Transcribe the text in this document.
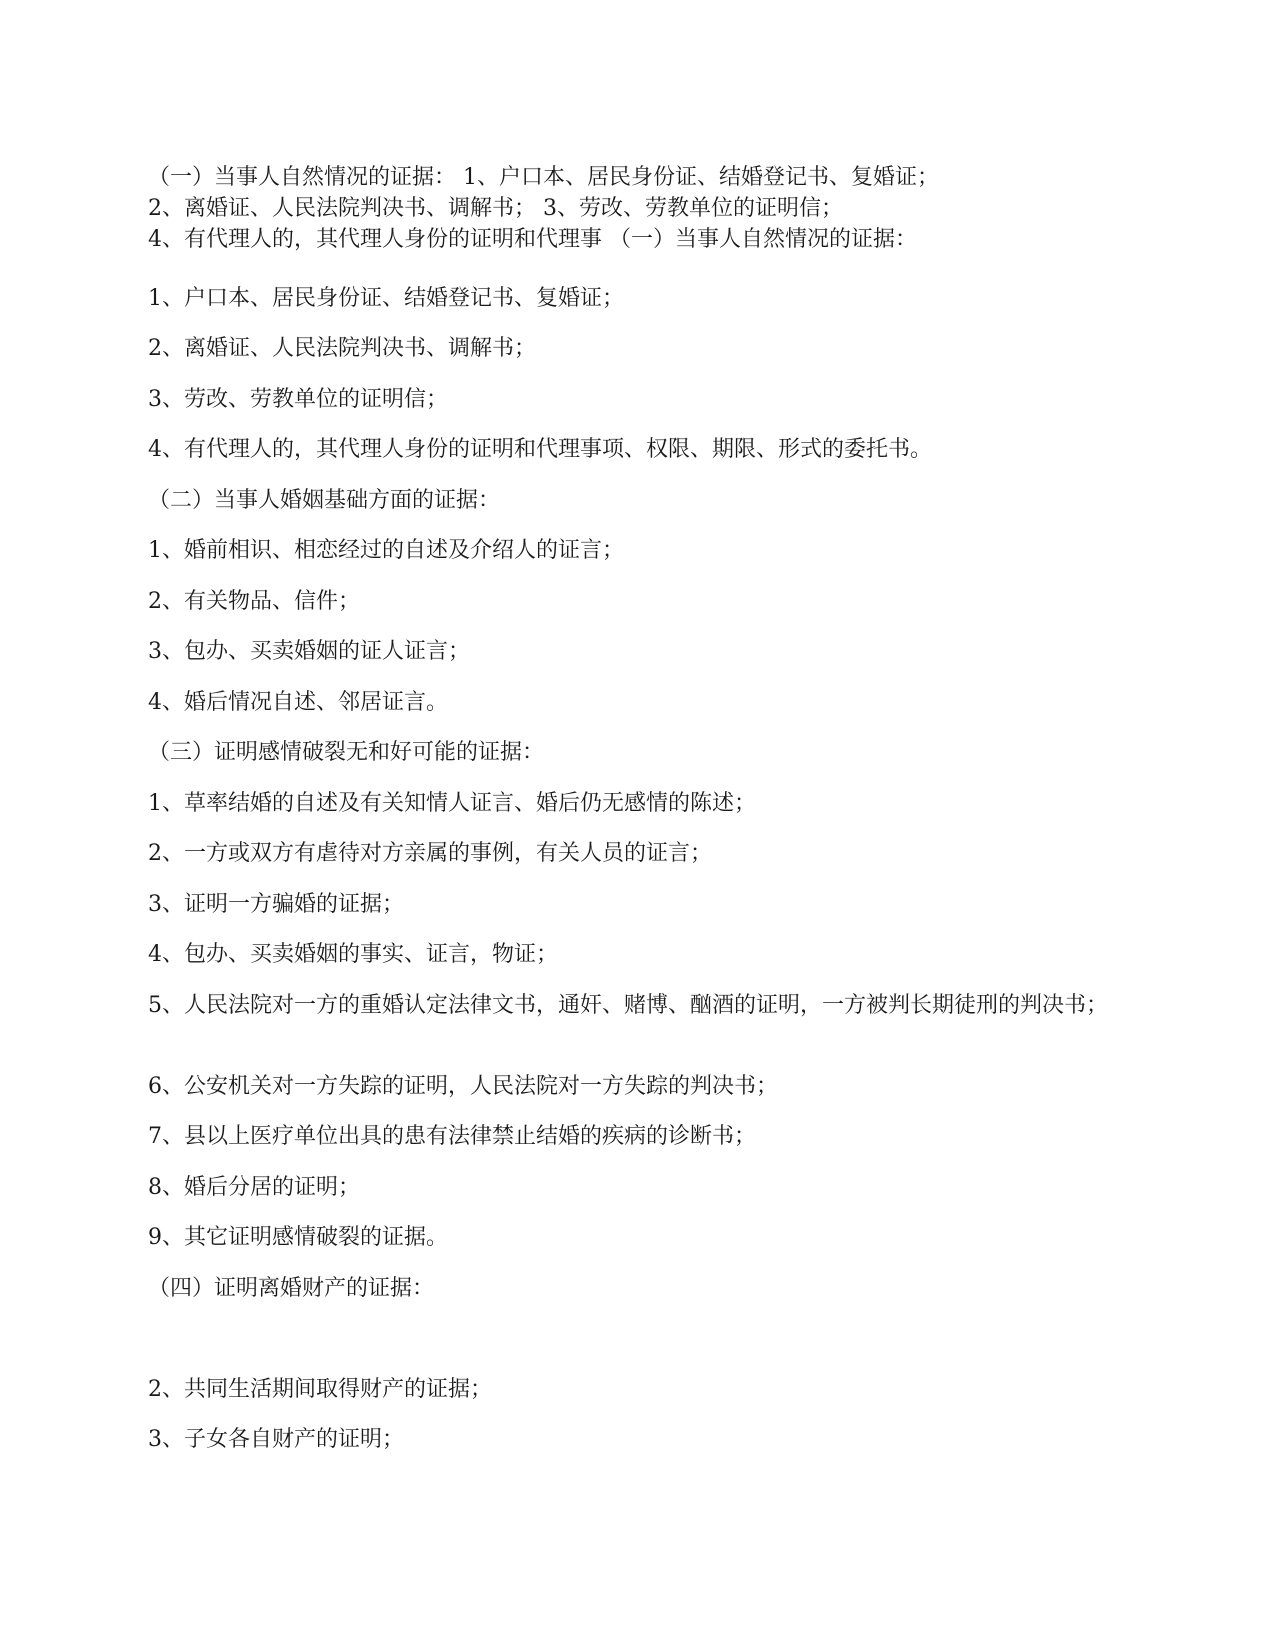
（一）当事人自然情况的证据： 1、户口本、居民身份证、结婚登记书、复婚证；
2、离婚证、人民法院判决书、调解书； 3、劳改、劳教单位的证明信；
4、有代理人的，其代理人身份的证明和代理事 （一）当事人自然情况的证据：
1、户口本、居民身份证、结婚登记书、复婚证；
2、离婚证、人民法院判决书、调解书；
3、劳改、劳教单位的证明信；
4、有代理人的，其代理人身份的证明和代理事项、权限、期限、形式的委托书。
（二）当事人婚姻基础方面的证据：
1、婚前相识、相恋经过的自述及介绍人的证言；
2、有关物品、信件；
3、包办、买卖婚姻的证人证言；
4、婚后情况自述、邻居证言。
（三）证明感情破裂无和好可能的证据：
1、草率结婚的自述及有关知情人证言、婚后仍无感情的陈述；
2、一方或双方有虐待对方亲属的事例，有关人员的证言；
3、证明一方骗婚的证据；
4、包办、买卖婚姻的事实、证言，物证；
5、人民法院对一方的重婚认定法律文书，通奸、赌博、酗酒的证明，一方被判长期徒刑的判决书；
6、公安机关对一方失踪的证明，人民法院对一方失踪的判决书；
7、县以上医疗单位出具的患有法律禁止结婚的疾病的诊断书；
8、婚后分居的证明；
9、其它证明感情破裂的证据。
（四）证明离婚财产的证据：
2、共同生活期间取得财产的证据；
3、子女各自财产的证明；
